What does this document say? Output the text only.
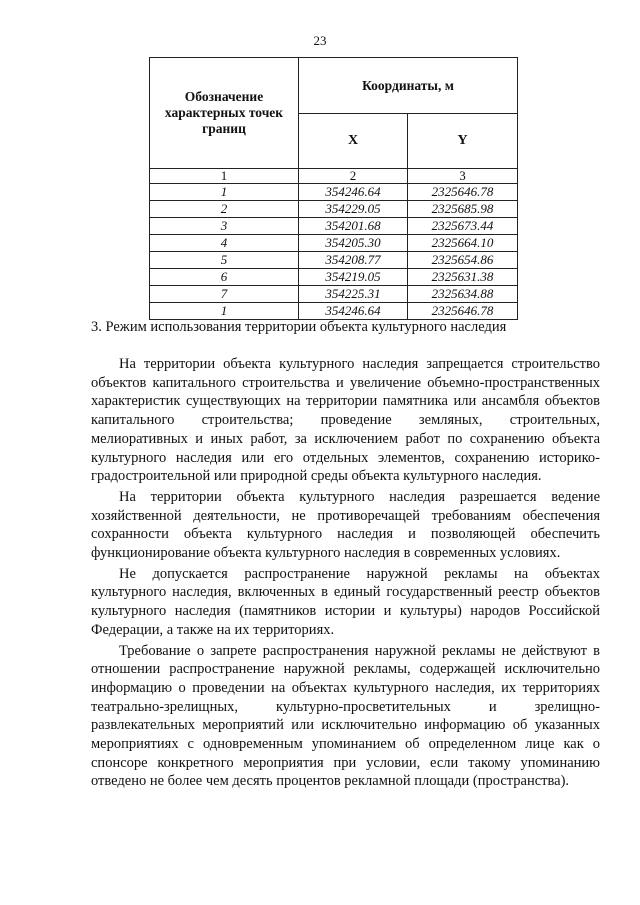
23
Обозначение характерных точек границ	Координаты, м	
	X	Y
1	2	3
1	354246.64	2325646.78
2	354229.05	2325685.98
3	354201.68	2325673.44
4	354205.30	2325664.10
5	354208.77	2325654.86
6	354219.05	2325631.38
7	354225.31	2325634.88
1	354246.64	2325646.78
3. Режим использования территории объекта культурного наследия

На территории объекта культурного наследия запрещается строительство объектов капитального строительства и увеличение объемно-пространственных характеристик существующих на территории памятника или ансамбля объектов капитального строительства; проведение земляных, строительных, мелиоративных и иных работ, за исключением работ по сохранению объекта культурного наследия или его отдельных элементов, сохранению историко-градостроительной или природной среды объекта культурного наследия.

На территории объекта культурного наследия разрешается ведение хозяйственной деятельности, не противоречащей требованиям обеспечения сохранности объекта культурного наследия и позволяющей обеспечить функционирование объекта культурного наследия в современных условиях.

Не допускается распространение наружной рекламы на объектах культурного наследия, включенных в единый государственный реестр объектов культурного наследия (памятников истории и культуры) народов Российской Федерации, а также на их территориях.

Требование о запрете распространения наружной рекламы не действуют в отношении распространение наружной рекламы, содержащей исключительно информацию о проведении на объектах культурного наследия, их территориях театрально-зрелищных, культурно-просветительных и зрелищно-развлекательных мероприятий или исключительно информацию об указанных мероприятиях с одновременным упоминанием об определенном лице как о спонсоре конкретного мероприятия при условии, если такому упоминанию отведено не более чем десять процентов рекламной площади (пространства).
